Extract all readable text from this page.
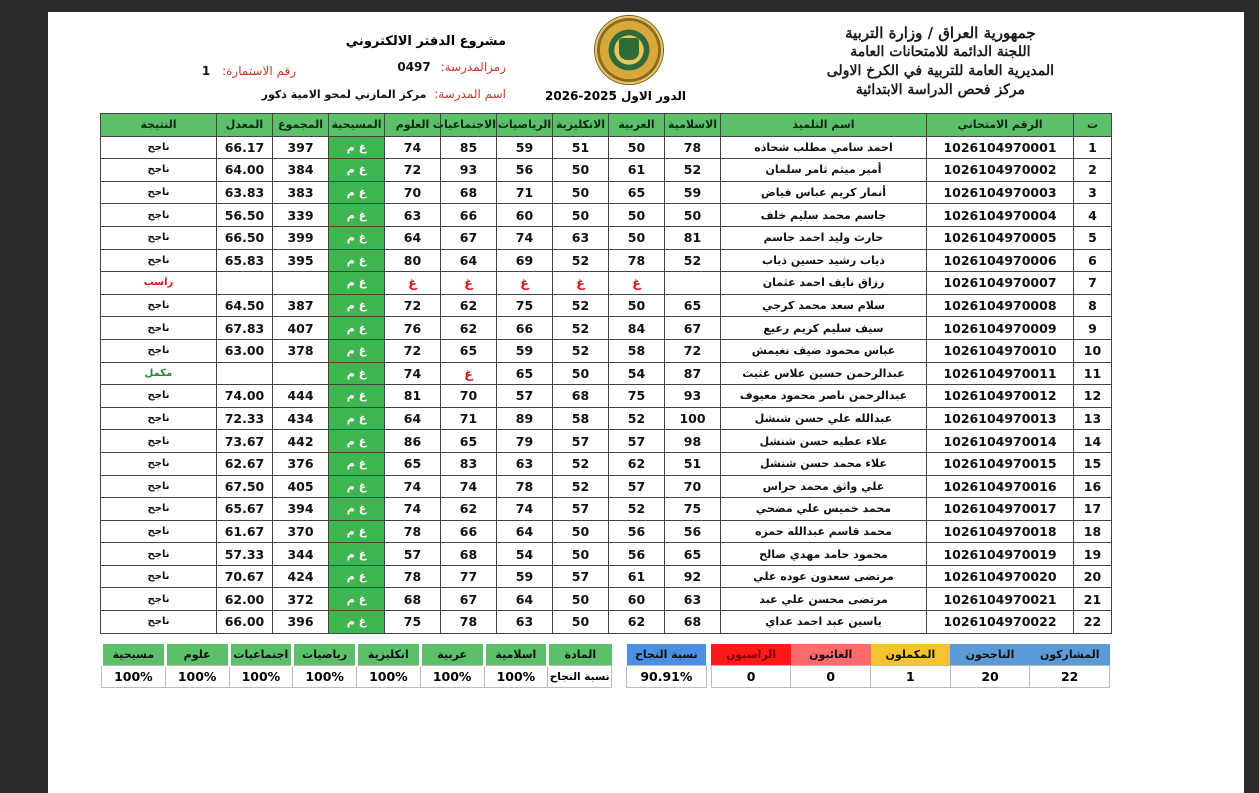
جمهورية العراق / وزارة التربية
اللجنة الدائمة للامتحانات العامة
المديرية العامة للتربية في الكرخ الاولى
مركز فحص الدراسة الابتدائية
مشروع الدفتر الالكتروني
رمزالمدرسة: 0497
اسم المدرسة: مركز المازني لمحو الامية ذكور
رقم الاستمارة: 1
الدور الاول 2025-2026
ت	الرقم الامتحاني	اسم التلميذ	الاسلامية	العربية	الانكليزية	الرياضيات	الاجتماعيات	العلوم	المسيحية	المجموع	المعدل	النتيجة
1	1026104970001	احمد سامي مطلب شحاذه	78	50	51	59	85	74	غ م	397	66.17	ناجح
2	1026104970002	أمير ميثم ثامر سلمان	52	61	50	56	93	72	غ م	384	64.00	ناجح
3	1026104970003	أنمار كريم عباس فياض	59	65	50	71	68	70	غ م	383	63.83	ناجح
4	1026104970004	جاسم محمد سليم خلف	50	50	50	60	66	63	غ م	339	56.50	ناجح
5	1026104970005	حارث وليد احمد جاسم	81	50	63	74	67	64	غ م	399	66.50	ناجح
6	1026104970006	ذياب رشيد حسين ذياب	52	78	52	69	64	80	غ م	395	65.83	ناجح
7	1026104970007	رزاق نايف احمد عثمان		غ	غ	غ	غ	غ	غ م			راسب
8	1026104970008	سلام سعد محمد كرجي	65	50	52	75	62	72	غ م	387	64.50	ناجح
9	1026104970009	سيف سليم كريم رعيع	67	84	52	66	62	76	غ م	407	67.83	ناجح
10	1026104970010	عباس محمود ضيف نغيمش	72	58	52	59	65	72	غ م	378	63.00	ناجح
11	1026104970011	عبدالرحمن حسين علاس غثيث	87	54	50	65	غ	74	غ م			مكمل
12	1026104970012	عبدالرحمن ناصر محمود معيوف	93	75	68	57	70	81	غ م	444	74.00	ناجح
13	1026104970013	عبدالله علي حسن شنشل	100	52	58	89	71	64	غ م	434	72.33	ناجح
14	1026104970014	علاء عطيه حسن شنشل	98	57	57	79	65	86	غ م	442	73.67	ناجح
15	1026104970015	علاء محمد حسن شنشل	51	62	52	63	83	65	غ م	376	62.67	ناجح
16	1026104970016	علي واثق محمد حراس	70	57	52	78	74	74	غ م	405	67.50	ناجح
17	1026104970017	محمد خميس علي مضحي	75	52	57	74	62	74	غ م	394	65.67	ناجح
18	1026104970018	محمد قاسم عبدالله حمزه	56	56	50	64	66	78	غ م	370	61.67	ناجح
19	1026104970019	محمود حامد مهدي صالح	65	56	50	54	68	57	غ م	344	57.33	ناجح
20	1026104970020	مرتضى سعدون عوده علي	92	61	57	59	77	78	غ م	424	70.67	ناجح
21	1026104970021	مرتضى محسن علي عبد	63	60	50	64	67	68	غ م	372	62.00	ناجح
22	1026104970022	ياسين عبد احمد عداي	68	62	50	63	78	75	غ م	396	66.00	ناجح
المشاركون	الناجحون	المكملون	الغائبون	الراسبون		نسبة النجاح
22	20	1	0	0		90.91%
المادة	اسلامية	عربية	انكليزية	رياضيات	اجتماعيات	علوم	مسيحية
نسبة النجاح	100%	100%	100%	100%	100%	100%	100%
